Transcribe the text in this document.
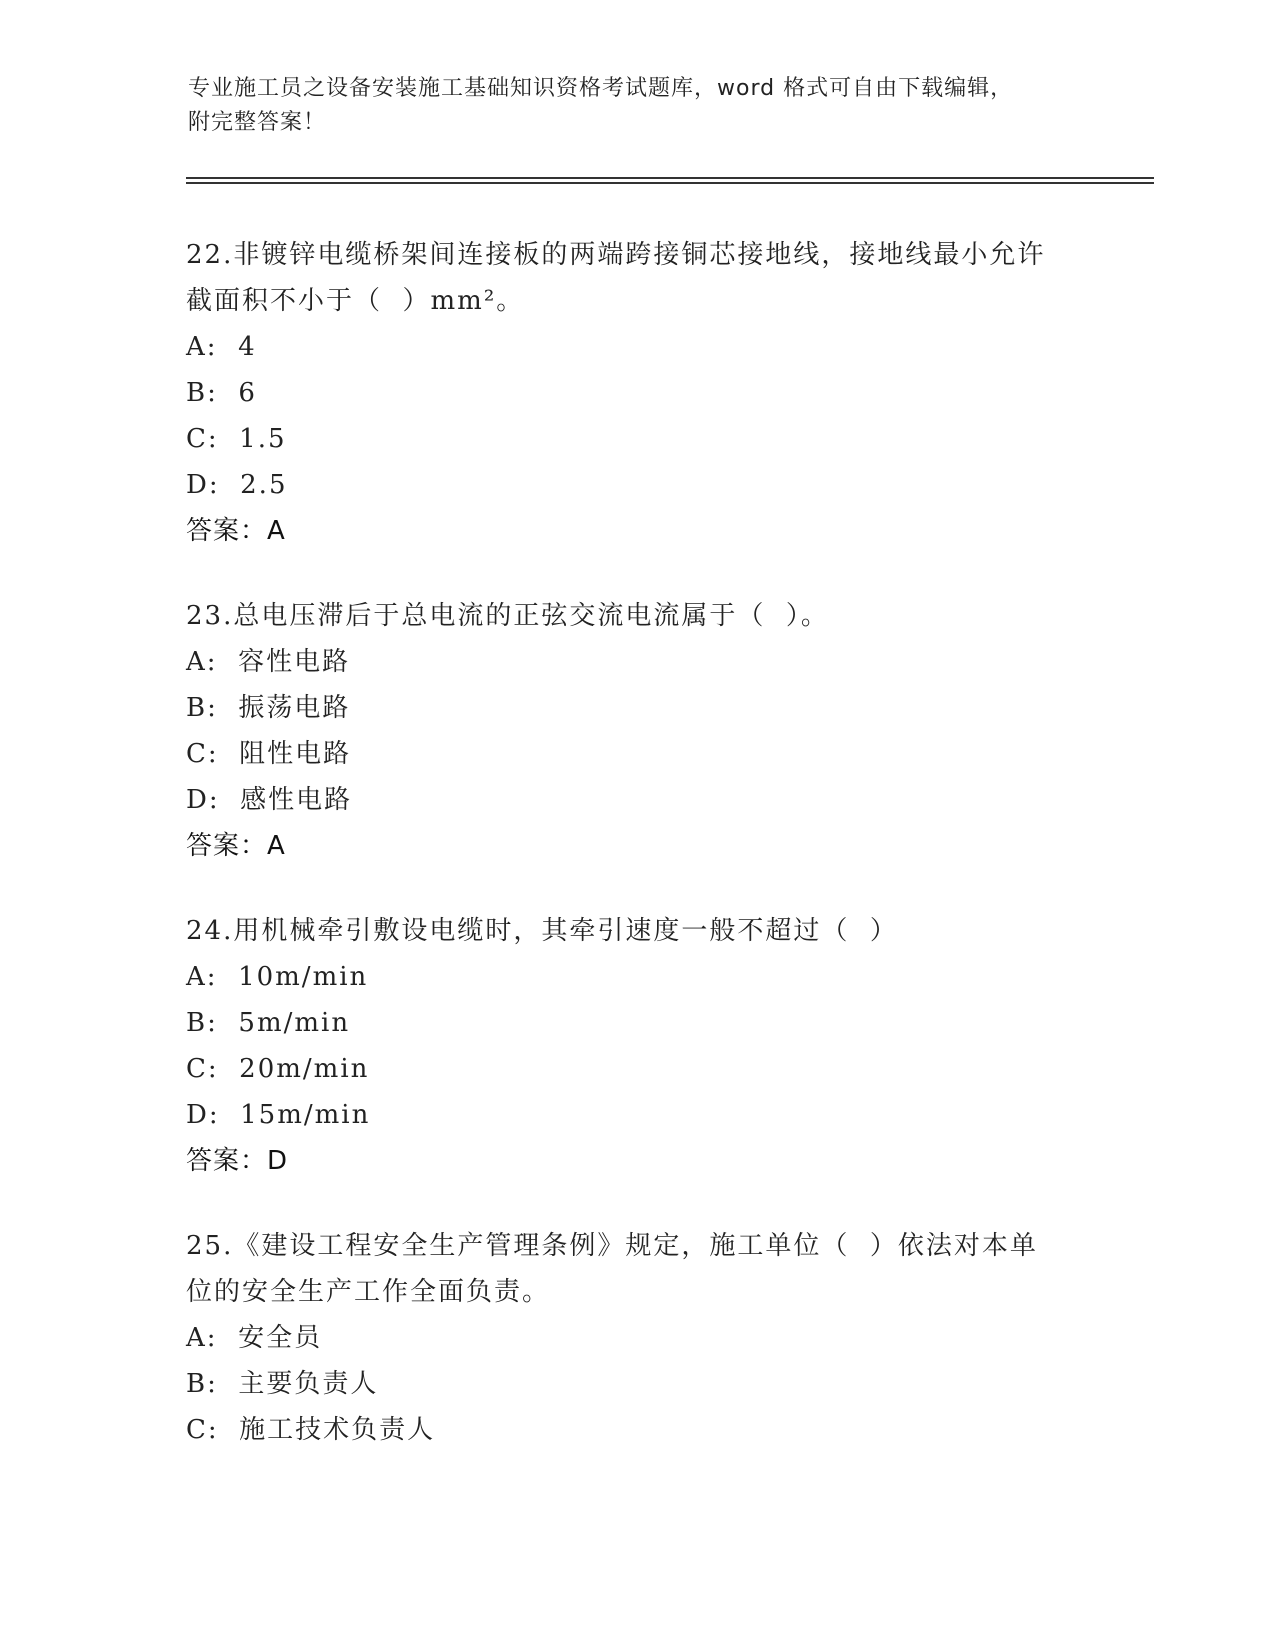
专业施工员之设备安装施工基础知识资格考试题库，word 格式可自由下载编辑，
附完整答案！
22.非镀锌电缆桥架间连接板的两端跨接铜芯接地线，接地线最小允许
截面积不小于（  ）mm²。
A:  4
B:  6
C:  1.5
D:  2.5
答案：A
23.总电压滞后于总电流的正弦交流电流属于（  ）。
A:  容性电路
B:  振荡电路
C:  阻性电路
D:  感性电路
答案：A
24.用机械牵引敷设电缆时，其牵引速度一般不超过（  ）
A:  10m/min
B:  5m/min
C:  20m/min
D:  15m/min
答案：D
25.《建设工程安全生产管理条例》规定，施工单位（  ）依法对本单
位的安全生产工作全面负责。
A:  安全员
B:  主要负责人
C:  施工技术负责人
